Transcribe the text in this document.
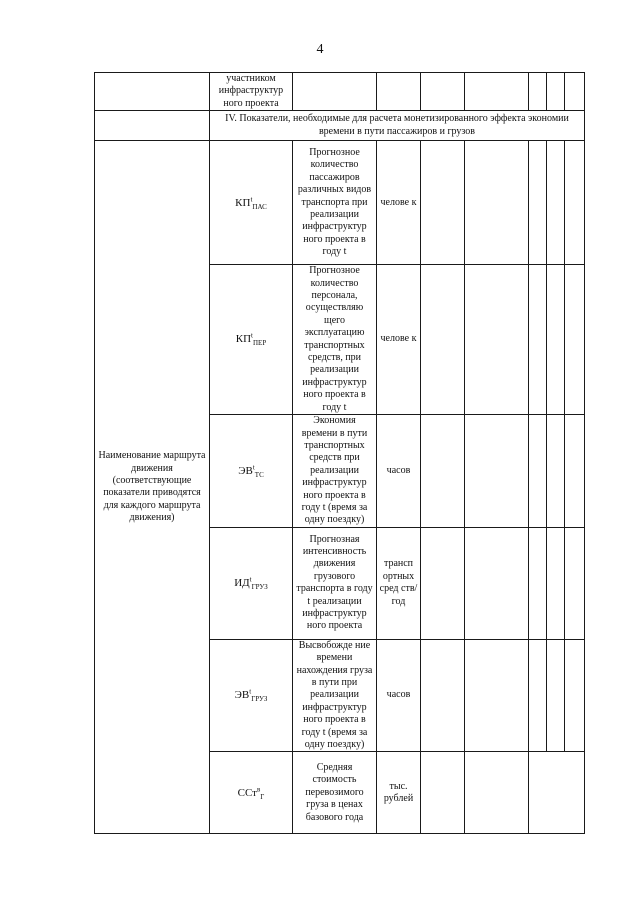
4
	участником инфраструктур ного проекта								
	IV. Показатели, необходимые для расчета монетизированного эффекта экономии времени в пути пассажиров и грузов								
Наименование маршрута движения (соответствующие показатели приводятся для каждого маршрута движения)	$КП^t_{ПАС}$	Прогнозное количество пассажиров различных видов транспорта при реализации инфраструктур ного проекта в году t	челове к						
	$КП^t_{ПЕР}$	Прогнозное количество персонала, осуществляю щего эксплуатацию транспортных средств, при реализации инфраструктур ного проекта в году t	челове к						
	$ЭВ^t_{ТС}$	Экономия времени в пути транспортных средств при реализации инфраструктур ного проекта в году t (время за одну поездку)	часов						
	$ИД^t_{ГРУЗ}$	Прогнозная интенсивность движения грузового транспорта в году t реализации инфраструктур ного проекта	трансп ортных сред ств/год						
	$ЭВ^t_{ГРУЗ}$	Высвобожде ние времени нахождения груза в пути при реализации инфраструктур ного проекта в году t (время за одну поездку)	часов						
	ССт$^в_Г$	Средняя стоимость перевозимого груза в ценах базового года	тыс. рублей						
